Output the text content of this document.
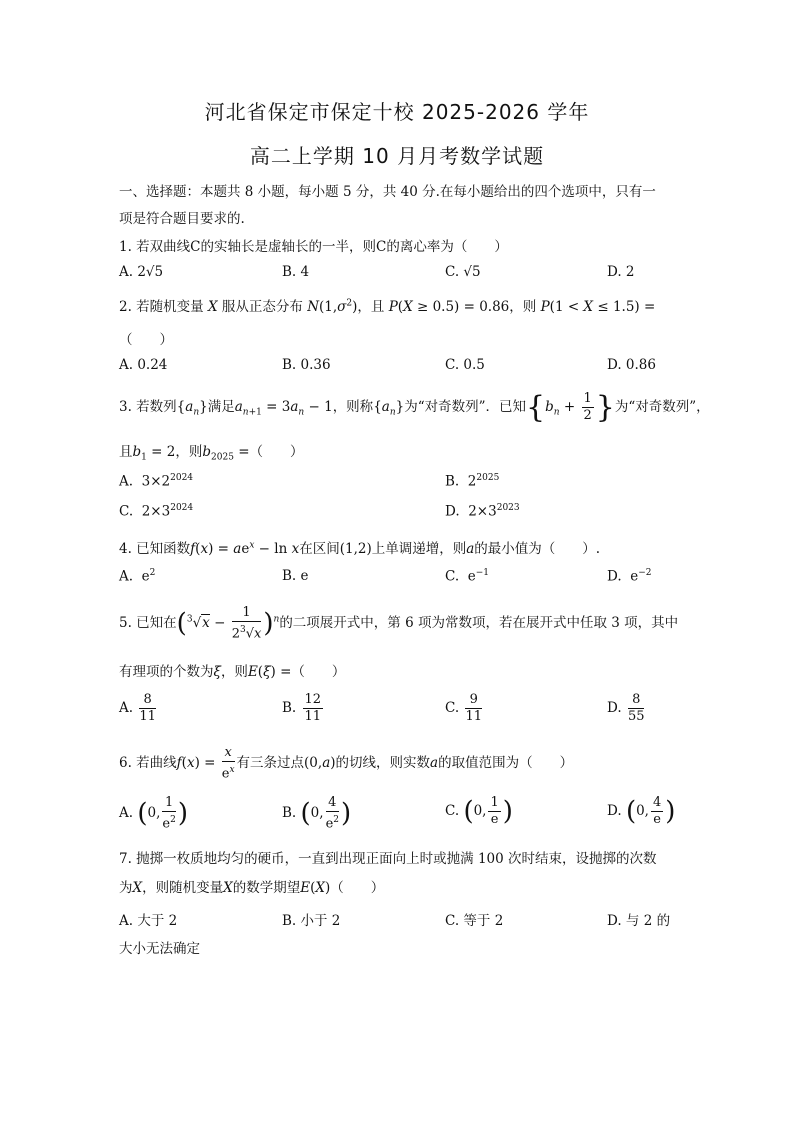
河北省保定市保定十校 2025-2026 学年
高二上学期 10 月月考数学试题
一、选择题：本题共 8 小题，每小题 5 分，共 40 分.在每小题给出的四个选项中，只有一
项是符合题目要求的.
1. 若双曲线C的实轴长是虚轴长的一半，则C的离心率为（　　）
A. 2√5	B. 4	C. √5	D. 2
2. 若随机变量 X 服从正态分布 $N(1,\sigma^2)$，且 P(X ≥ 0.5) = 0.86，则 P(1 < X ≤ 1.5) =
（　　）
A. 0.24	B. 0.36	C. 0.5	D. 0.86
3. 若数列$\{a_n\}$满足$a_{n+1} = 3a_n - 1$，则称$\{a_n\}$为“对奇数列”．已知{$b_n + \frac{1}{2}$ }为“对奇数列”，
且$b_1 = 2$，则$b_{2025}$ =（　　）
A.  $3\times 2^{2024}$	B.  $2^{2025}$
C.  $2\times 3^{2024}$	D.  $2\times 3^{2023}$
4. 已知函数$f(x) = ae^x - \ln x$在区间(1,2)上单调递增，则a的最小值为（　　）.
A.  $e^2$	B. e	C.  $e^{-1}$	D.  $e^{-2}$
5. 已知在$(^3√x - \frac{1}{2^3√x} )^n$的二项展开式中，第 6 项为常数项，若在展开式中任取 3 项，其中
有理项的个数为ξ，则E(ξ) =（　　）
A. $\frac{8}{11}$	B. $\frac{12}{11}$	C. $\frac{9}{11}$	D. $\frac{8}{55}$
6. 若曲线$f(x) = \frac{x}{e^x}$ 有三条过点(0,a)的切线，则实数a的取值范围为（　　）
A. (0, $\frac{1}{e^2}$ )	B. (0, $\frac{4}{e^2}$ )	C. (0, $\frac{1}{e}$ )	D. (0, $\frac{4}{e}$ )
7. 抛掷一枚质地均匀的硬币，一直到出现正面向上时或抛满 100 次时结束，设抛掷的次数
为X，则随机变量X的数学期望E(X)（　　）
A. 大于 2	B. 小于 2	C. 等于 2	D. 与 2 的
大小无法确定
